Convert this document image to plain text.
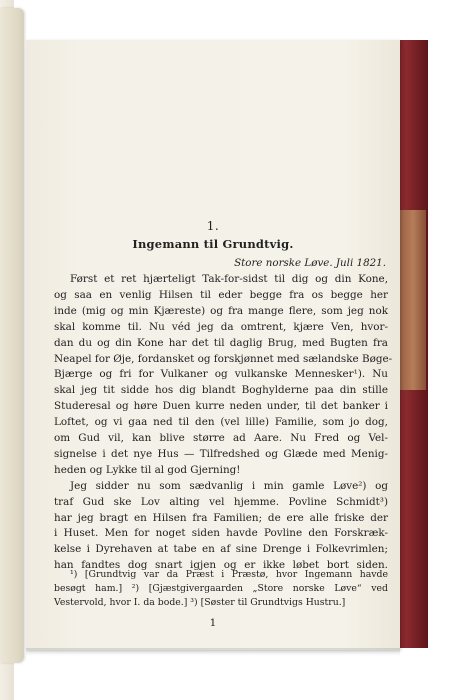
1.
Ingemann til Grundtvig.
Store norske Løve. Juli 1821.
Først et ret hjærteligt Tak-for-sidst til dig og din Kone,
og saa en venlig Hilsen til eder begge fra os begge her
inde (mig og min Kjæreste) og fra mange flere, som jeg nok
skal komme til. Nu véd jeg da omtrent, kjære Ven, hvor-
dan du og din Kone har det til daglig Brug, med Bugten fra
Neapel for Øje, fordansket og forskjønnet med sælandske Bøge-
Bjærge og fri for Vulkaner og vulkanske Mennesker¹). Nu
skal jeg tit sidde hos dig blandt Boghylderne paa din stille
Studeresal og høre Duen kurre neden under, til det banker i
Loftet, og vi gaa ned til den (vel lille) Familie, som jo dog,
om Gud vil, kan blive større ad Aare. Nu Fred og Vel-
signelse i det nye Hus — Tilfredshed og Glæde med Menig-
heden og Lykke til al god Gjerning!
Jeg sidder nu som sædvanlig i min gamle Løve²) og
traf Gud ske Lov alting vel hjemme. Povline Schmidt³)
har jeg bragt en Hilsen fra Familien; de ere alle friske der
i Huset. Men for noget siden havde Povline den Forskræk-
kelse i Dyrehaven at tabe en af sine Drenge i Folkevrimlen;
han fandtes dog snart igjen og er ikke løbet bort siden.
1
¹) [Grundtvig var da Præst i Præstø, hvor Ingemann havde
besøgt ham.] ²) [Gjæstgivergaarden „Store norske Løve“ ved
Vestervold, hvor I. da bode.] ³) [Søster til Grundtvigs Hustru.]
